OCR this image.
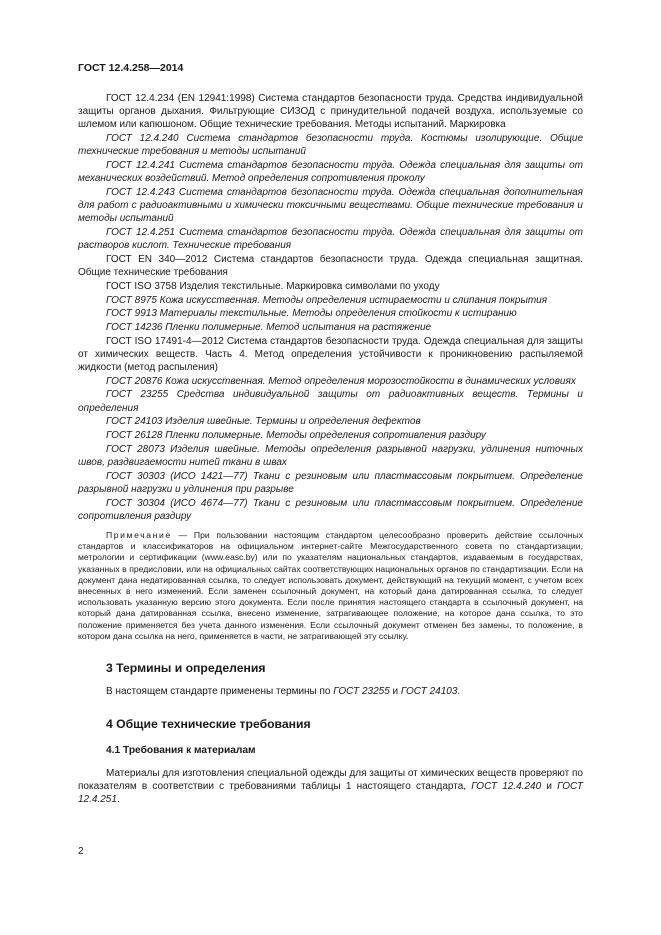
ГОСТ 12.4.258—2014

ГОСТ 12.4.234 (EN 12941:1998) Система стандартов безопасности труда. Средства индивидуальной защиты органов дыхания. Фильтрующие СИЗОД с принудительной подачей воздуха, используемые со шлемом или капюшоном. Общие технические требования. Методы испытаний. Маркировка

ГОСТ 12.4.240 Система стандартов безопасности труда. Костюмы изолирующие. Общие технические требования и методы испытаний

ГОСТ 12.4.241 Система стандартов безопасности труда. Одежда специальная для защиты от механических воздействий. Метод определения сопротивления проколу

ГОСТ 12.4.243 Система стандартов безопасности труда. Одежда специальная дополнительная для работ с радиоактивными и химически токсичными веществами. Общие технические требования и методы испытаний

ГОСТ 12.4.251 Система стандартов безопасности труда. Одежда специальная для защиты от растворов кислот. Технические требования

ГОСТ EN 340—2012 Система стандартов безопасности труда. Одежда специальная защитная. Общие технические требования

ГОСТ ISO 3758 Изделия текстильные. Маркировка символами по уходу

ГОСТ 8975 Кожа искусственная. Методы определения истираемости и слипания покрытия

ГОСТ 9913 Материалы текстильные. Методы определения стойкости к истиранию

ГОСТ 14236 Пленки полимерные. Метод испытания на растяжение

ГОСТ ISO 17491-4—2012 Система стандартов безопасности труда. Одежда специальная для защиты от химических веществ. Часть 4. Метод определения устойчивости к проникновению распыляемой жидкости (метод распыления)

ГОСТ 20876 Кожа искусственная. Метод определения морозостойкости в динамических условиях

ГОСТ 23255 Средства индивидуальной защиты от радиоактивных веществ. Термины и определения

ГОСТ 24103 Изделия швейные. Термины и определения дефектов

ГОСТ 26128 Пленки полимерные. Методы определения сопротивления раздиру

ГОСТ 28073 Изделия швейные. Методы определения разрывной нагрузки, удлинения ниточных швов, раздвигаемости нитей ткани в швах

ГОСТ 30303 (ИСО 1421—77) Ткани с резиновым или пластмассовым покрытием. Определение разрывной нагрузки и удлинения при разрыве

ГОСТ 30304 (ИСО 4674—77) Ткани с резиновым или пластмассовым покрытием. Определение сопротивления раздиру

Примечание — При пользовании настоящим стандартом целесообразно проверить действие ссылочных стандартов и классификаторов на официальном интернет-сайте Межгосударственного совета по стандартизации, метрологии и сертификации (www.easc.by) или по указателям национальных стандартов, издаваемым в государствах, указанных в предисловии, или на официальных сайтах соответствующих национальных органов по стандартизации. Если на документ дана недатированная ссылка, то следует использовать документ, действующий на текущий момент, с учетом всех внесенных в него изменений. Если заменен ссылочный документ, на который дана датированная ссылка, то следует использовать указанную версию этого документа. Если после принятия настоящего стандарта в ссылочный документ, на который дана датированная ссылка, внесено изменение, затрагивающее положение, на которое дана ссылка, то это положение применяется без учета данного изменения. Если ссылочный документ отменен без замены, то положение, в котором дана ссылка на него, применяется в части, не затрагивающей эту ссылку.

3 Термины и определения

В настоящем стандарте применены термины по ГОСТ 23255 и ГОСТ 24103.

4 Общие технические требования
4.1 Требования к материалам

Материалы для изготовления специальной одежды для защиты от химических веществ проверяют по показателям в соответствии с требованиями таблицы 1 настоящего стандарта, ГОСТ 12.4.240 и ГОСТ 12.4.251.

2
